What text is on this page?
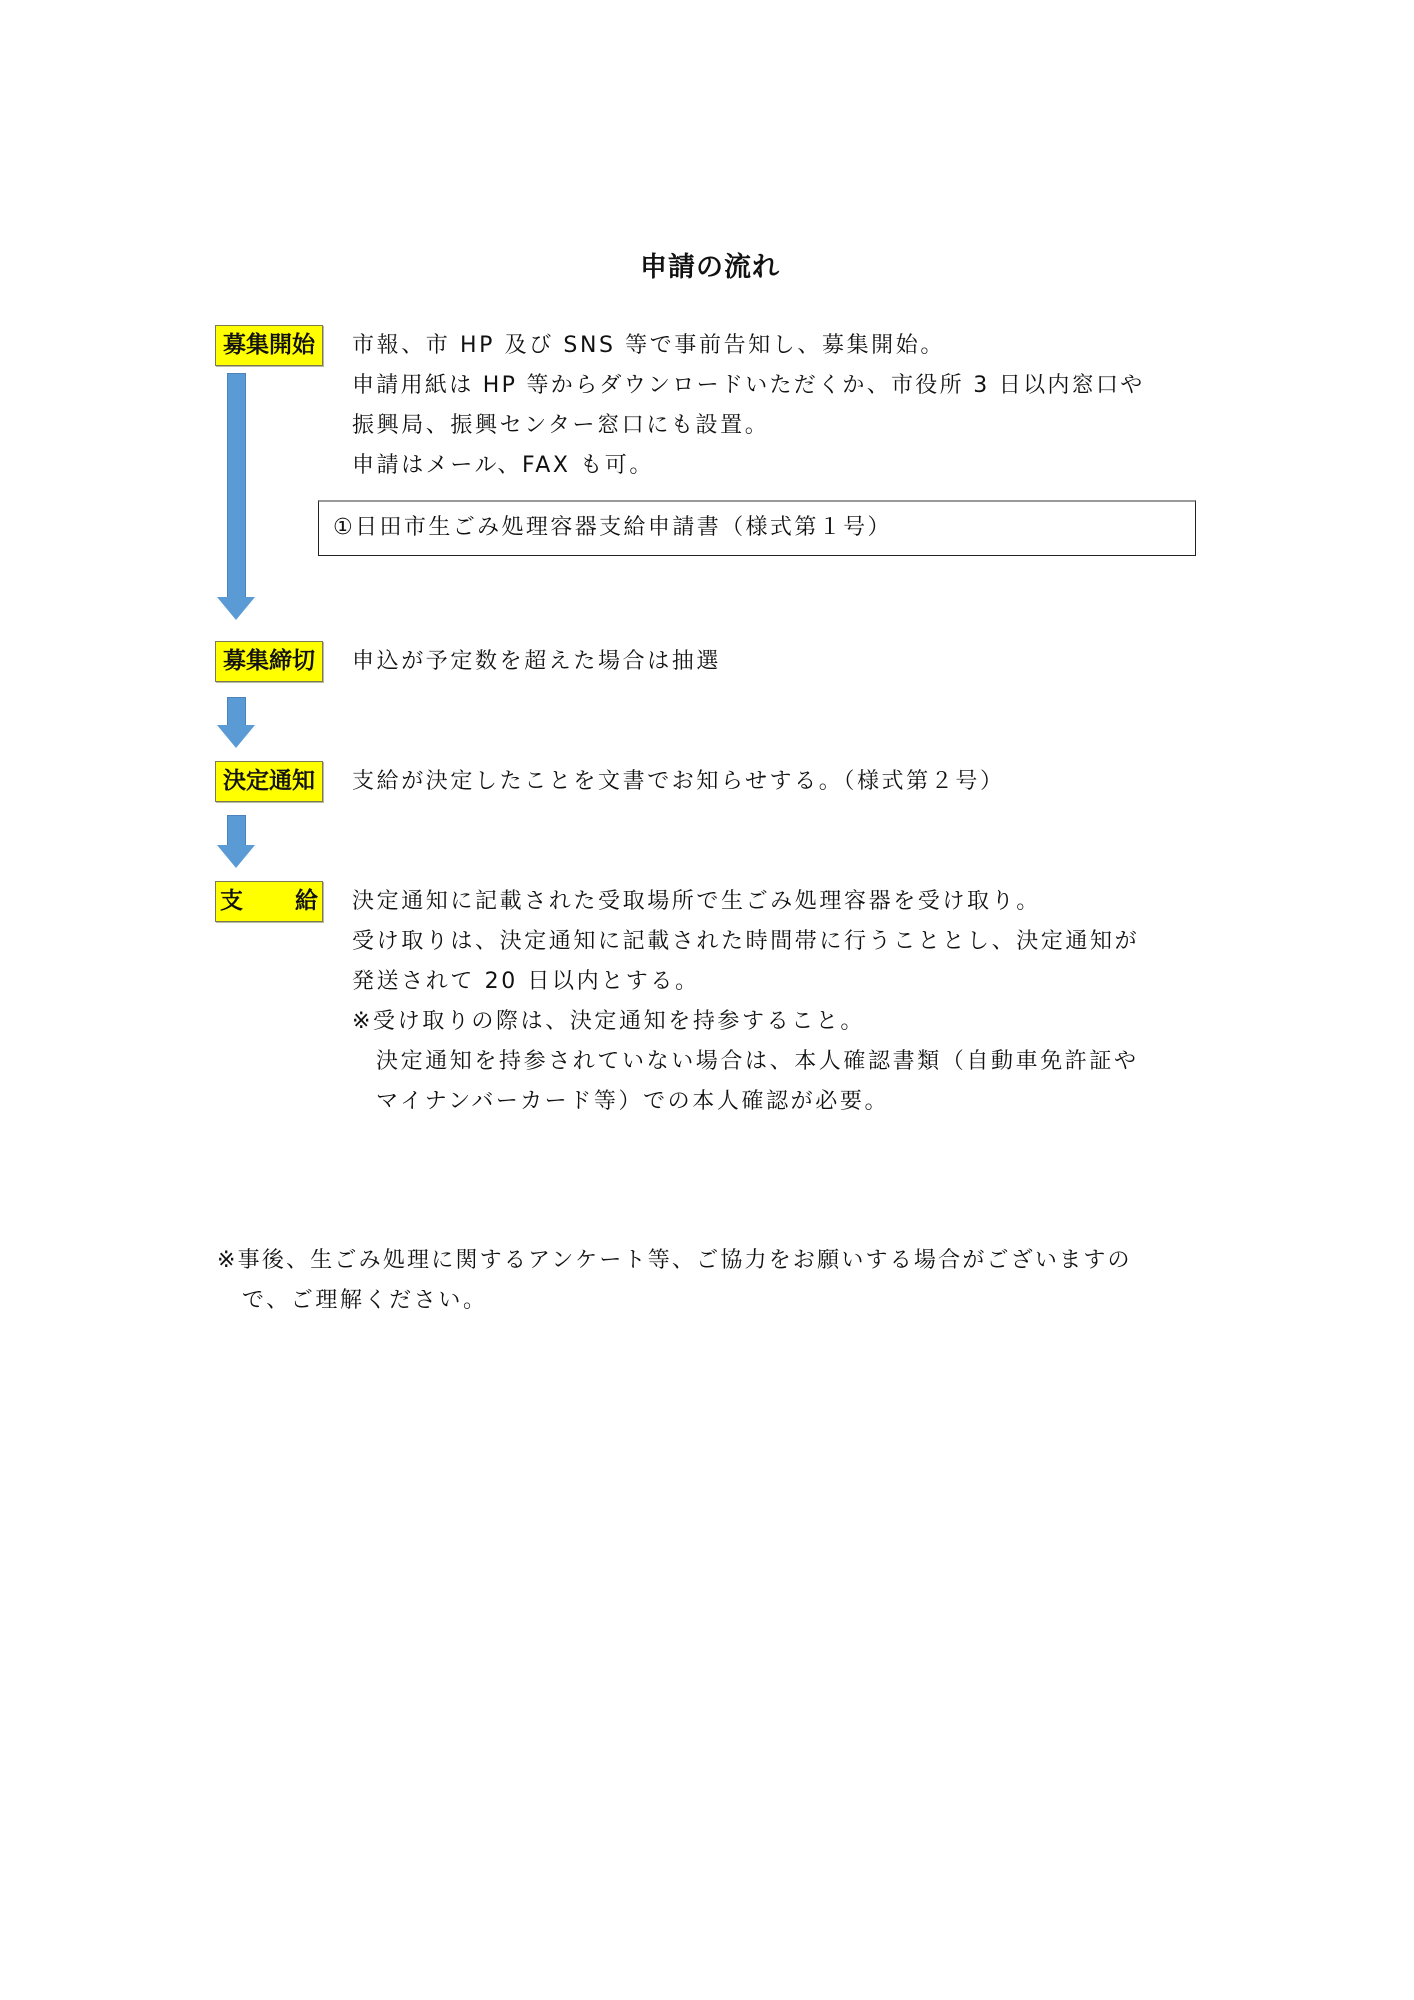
申請の流れ
募集開始	市報、市 HP 及び SNS 等で事前告知し、募集開始。
申請用紙は HP 等からダウンロードいただくか、市役所 3 日以内窓口や
振興局、振興センター窓口にも設置。
申請はメール、FAX も可。
①日田市生ごみ処理容器支給申請書（様式第１号）
募集締切	申込が予定数を超えた場合は抽選
決定通知	支給が決定したことを文書でお知らせする。（様式第２号）
支 給 決定通知に記載された受取場所で生ごみ処理容器を受け取り。
受け取りは、決定通知に記載された時間帯に行うこととし、決定通知が
発送されて 20 日以内とする。
※受け取りの際は、決定通知を持参すること。
決定通知を持参されていない場合は、本人確認書類（自動車免許証や
マイナンバーカード等）での本人確認が必要。
※事後、生ごみ処理に関するアンケート等、ご協力をお願いする場合がございますの
で、ご理解ください。
